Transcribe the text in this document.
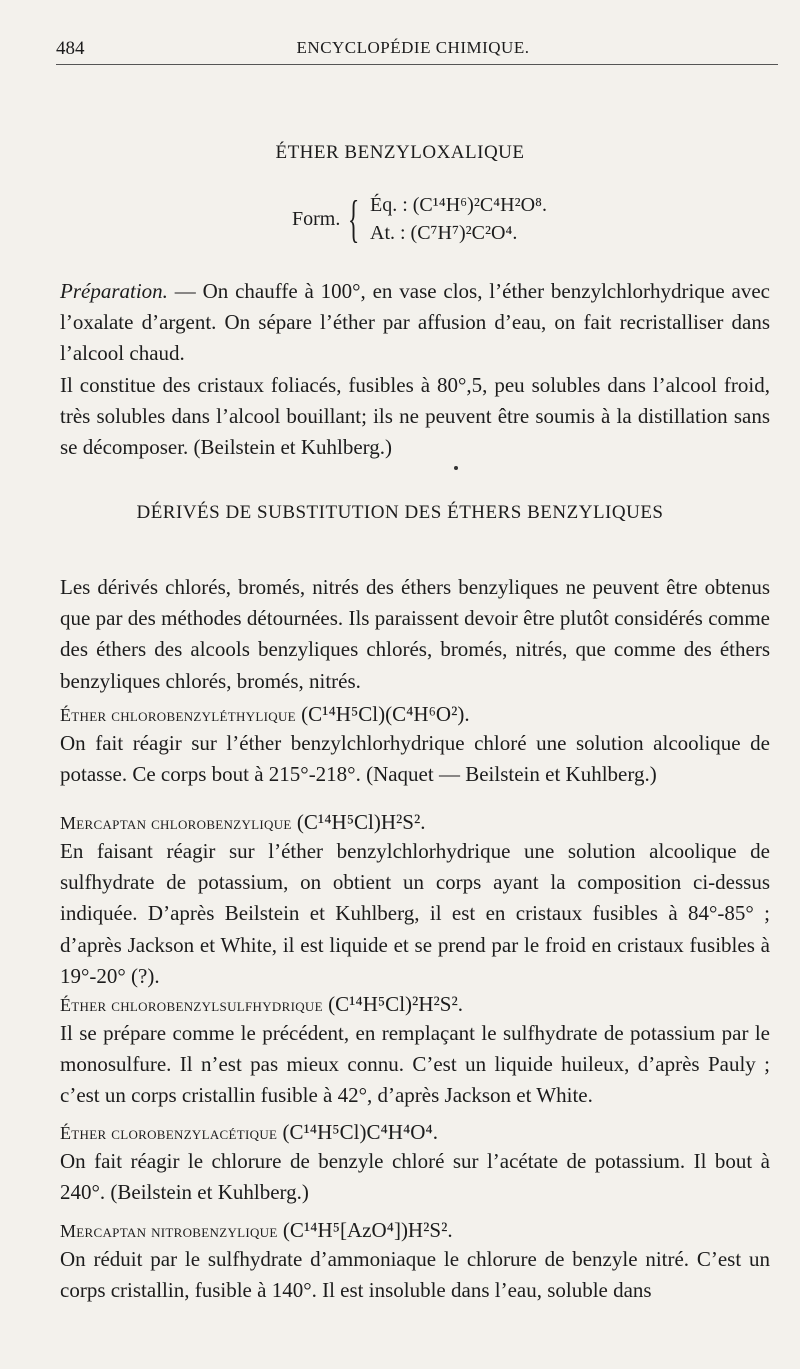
484	ENCYCLOPÉDIE CHIMIQUE.
ÉTHER BENZYLOXALIQUE
Form. { Éq. : (C¹⁴H⁶)²C⁴H²O⁸.
At. : (C⁷H⁷)²C²O⁴.

Préparation. — On chauffe à 100°, en vase clos, l’éther benzylchlorhydrique avec l’oxalate d’argent. On sépare l’éther par affusion d’eau, on fait recristalliser dans l’alcool chaud.

Il constitue des cristaux foliacés, fusibles à 80°,5, peu solubles dans l’alcool froid, très solubles dans l’alcool bouillant; ils ne peuvent être soumis à la distillation sans se décomposer. (Beilstein et Kuhlberg.)

DÉRIVÉS DE SUBSTITUTION DES ÉTHERS BENZYLIQUES

Les dérivés chlorés, bromés, nitrés des éthers benzyliques ne peuvent être obtenus que par des méthodes détournées. Ils paraissent devoir être plutôt considérés comme des éthers des alcools benzyliques chlorés, bromés, nitrés, que comme des éthers benzyliques chlorés, bromés, nitrés.

Éther chlorobenzyléthylique (C¹⁴H⁵Cl)(C⁴H⁶O²).

On fait réagir sur l’éther benzylchlorhydrique chloré une solution alcoolique de potasse. Ce corps bout à 215°-218°. (Naquet — Beilstein et Kuhlberg.)

Mercaptan chlorobenzylique (C¹⁴H⁵Cl)H²S².

En faisant réagir sur l’éther benzylchlorhydrique une solution alcoolique de sulfhydrate de potassium, on obtient un corps ayant la composition ci-dessus indiquée. D’après Beilstein et Kuhlberg, il est en cristaux fusibles à 84°-85° ; d’après Jackson et White, il est liquide et se prend par le froid en cristaux fusibles à 19°-20° (?).

Éther chlorobenzylsulfhydrique (C¹⁴H⁵Cl)²H²S².

Il se prépare comme le précédent, en remplaçant le sulfhydrate de potassium par le monosulfure. Il n’est pas mieux connu. C’est un liquide huileux, d’après Pauly ; c’est un corps cristallin fusible à 42°, d’après Jackson et White.

Éther clorobenzylacétique (C¹⁴H⁵Cl)C⁴H⁴O⁴.

On fait réagir le chlorure de benzyle chloré sur l’acétate de potassium. Il bout à 240°. (Beilstein et Kuhlberg.)

Mercaptan nitrobenzylique (C¹⁴H⁵[AzO⁴])H²S².

On réduit par le sulfhydrate d’ammoniaque le chlorure de benzyle nitré. C’est un corps cristallin, fusible à 140°. Il est insoluble dans l’eau, soluble dans
